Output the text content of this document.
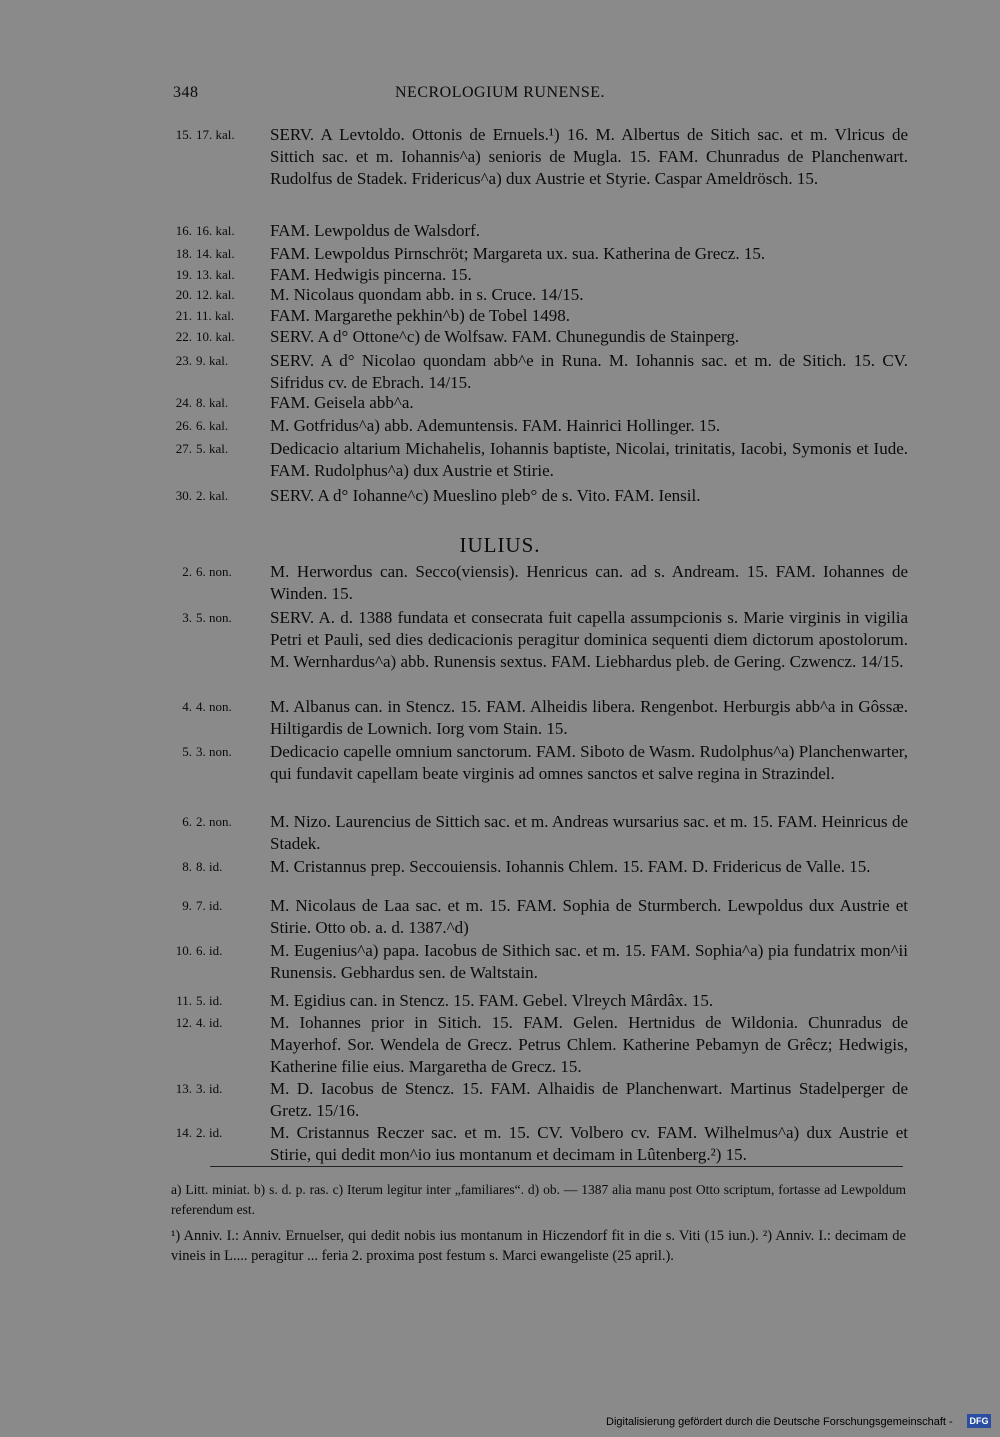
348	NECROLOGIUM RUNENSE.
15. 17. kal.	SERV. A Levtoldo. Ottonis de Ernuels.¹) 16. M. Albertus de Sitich sac. et m. Vlricus de Sittich sac. et m. Iohannis^a) senioris de Mugla. 15. FAM. Chunradus de Planchenwart. Rudolfus de Stadek. Fridericus^a) dux Austrie et Styrie. Caspar Ameldrösch. 15.
16. 16. kal.	FAM. Lewpoldus de Walsdorf.
18. 14. kal.	FAM. Lewpoldus Pirnschröt; Margareta ux. sua. Katherina de Grecz. 15.
19. 13. kal.	FAM. Hedwigis pincerna. 15.
20. 12. kal.	M. Nicolaus quondam abb. in s. Cruce. 14/15.
21. 11. kal.	FAM. Margarethe pekhin^b) de Tobel 1498.
22. 10. kal.	SERV. A d° Ottone^c) de Wolfsaw. FAM. Chunegundis de Stainperg.
23. 9. kal.	SERV. A d° Nicolao quondam abb^e in Runa. M. Iohannis sac. et m. de Sitich. 15. CV. Sifridus cv. de Ebrach. 14/15.
24. 8. kal.	FAM. Geisela abb^a.
26. 6. kal.	M. Gotfridus^a) abb. Ademuntensis. FAM. Hainrici Hollinger. 15.
27. 5. kal.	Dedicacio altarium Michahelis, Iohannis baptiste, Nicolai, trinitatis, Iacobi, Symonis et Iude. FAM. Rudolphus^a) dux Austrie et Stirie.
30. 2. kal.	SERV. A d° Iohanne^c) Mueslino pleb° de s. Vito. FAM. Iensil.
IULIUS.
2. 6. non.	M. Herwordus can. Secco(viensis). Henricus can. ad s. Andream. 15. FAM. Iohannes de Winden. 15.
3. 5. non.	SERV. A. d. 1388 fundata et consecrata fuit capella assumpcionis s. Marie virginis in vigilia Petri et Pauli, sed dies dedicacionis peragitur dominica sequenti diem dictorum apostolorum. M. Wernhardus^a) abb. Runensis sextus. FAM. Liebhardus pleb. de Gering. Czwencz. 14/15.
4. 4. non.	M. Albanus can. in Stencz. 15. FAM. Alheidis libera. Rengenbot. Herburgis abb^a in Gôssæ. Hiltigardis de Lownich. Iorg vom Stain. 15.
5. 3. non.	Dedicacio capelle omnium sanctorum. FAM. Siboto de Wasm. Rudolphus^a) Planchenwarter, qui fundavit capellam beate virginis ad omnes sanctos et salve regina in Strazindel.
6. 2. non.	M. Nizo. Laurencius de Sittich sac. et m. Andreas wursarius sac. et m. 15. FAM. Heinricus de Stadek.
8. 8. id.	M. Cristannus prep. Seccouiensis. Iohannis Chlem. 15. FAM. D. Fridericus de Valle. 15.
9. 7. id.	M. Nicolaus de Laa sac. et m. 15. FAM. Sophia de Sturmberch. Lewpoldus dux Austrie et Stirie. Otto ob. a. d. 1387.^d)
10. 6. id.	M. Eugenius^a) papa. Iacobus de Sithich sac. et m. 15. FAM. Sophia^a) pia fundatrix mon^ii Runensis. Gebhardus sen. de Waltstain.
11. 5. id.	M. Egidius can. in Stencz. 15. FAM. Gebel. Vlreych Mârdâx. 15.
12. 4. id.	M. Iohannes prior in Sitich. 15. FAM. Gelen. Hertnidus de Wildonia. Chunradus de Mayerhof. Sor. Wendela de Grecz. Petrus Chlem. Katherine Pebamyn de Grêcz; Hedwigis, Katherine filie eius. Margaretha de Grecz. 15.
13. 3. id.	M. D. Iacobus de Stencz. 15. FAM. Alhaidis de Planchenwart. Martinus Stadelperger de Gretz. 15/16.
14. 2. id.	M. Cristannus Reczer sac. et m. 15. CV. Volbero cv. FAM. Wilhelmus^a) dux Austrie et Stirie, qui dedit mon^io ius montanum et decimam in Lûtenberg.²) 15.
a) Litt. miniat. b) s. d. p. ras. c) Iterum legitur inter „familiares“. d) ob. — 1387 alia manu post Otto scriptum, fortasse ad Lewpoldum referendum est.
¹) Anniv. I.: Anniv. Ernuelser, qui dedit nobis ius montanum in Hiczendorf fit in die s. Viti (15 iun.). ²) Anniv. I.: decimam de vineis in L.... peragitur ... feria 2. proxima post festum s. Marci ewangeliste (25 april.).
Digitalisierung gefördert durch die Deutsche Forschungsgemeinschaft - DFG
